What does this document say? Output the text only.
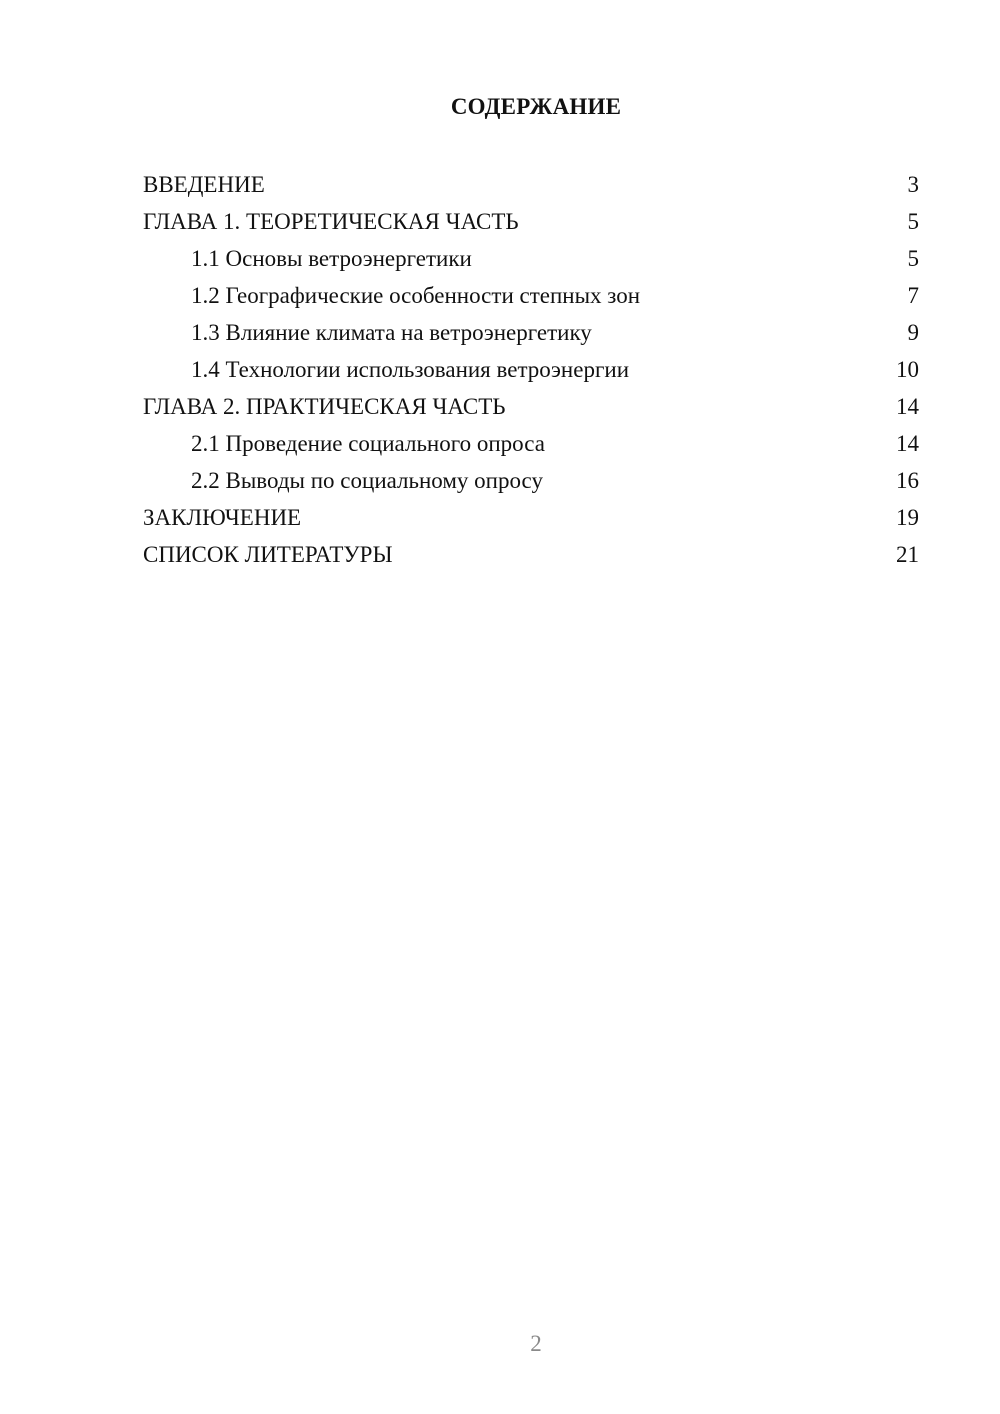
СОДЕРЖАНИЕ
ВВЕДЕНИЕ	3
ГЛАВА 1. ТЕОРЕТИЧЕСКАЯ ЧАСТЬ	5
1.1 Основы ветроэнергетики	5
1.2 Географические особенности степных зон	7
1.3 Влияние климата на ветроэнергетику	9
1.4 Технологии использования ветроэнергии	10
ГЛАВА 2. ПРАКТИЧЕСКАЯ ЧАСТЬ	14
2.1 Проведение социального опроса	14
2.2 Выводы по социальному опросу	16
ЗАКЛЮЧЕНИЕ	19
СПИСОК ЛИТЕРАТУРЫ	21
2
